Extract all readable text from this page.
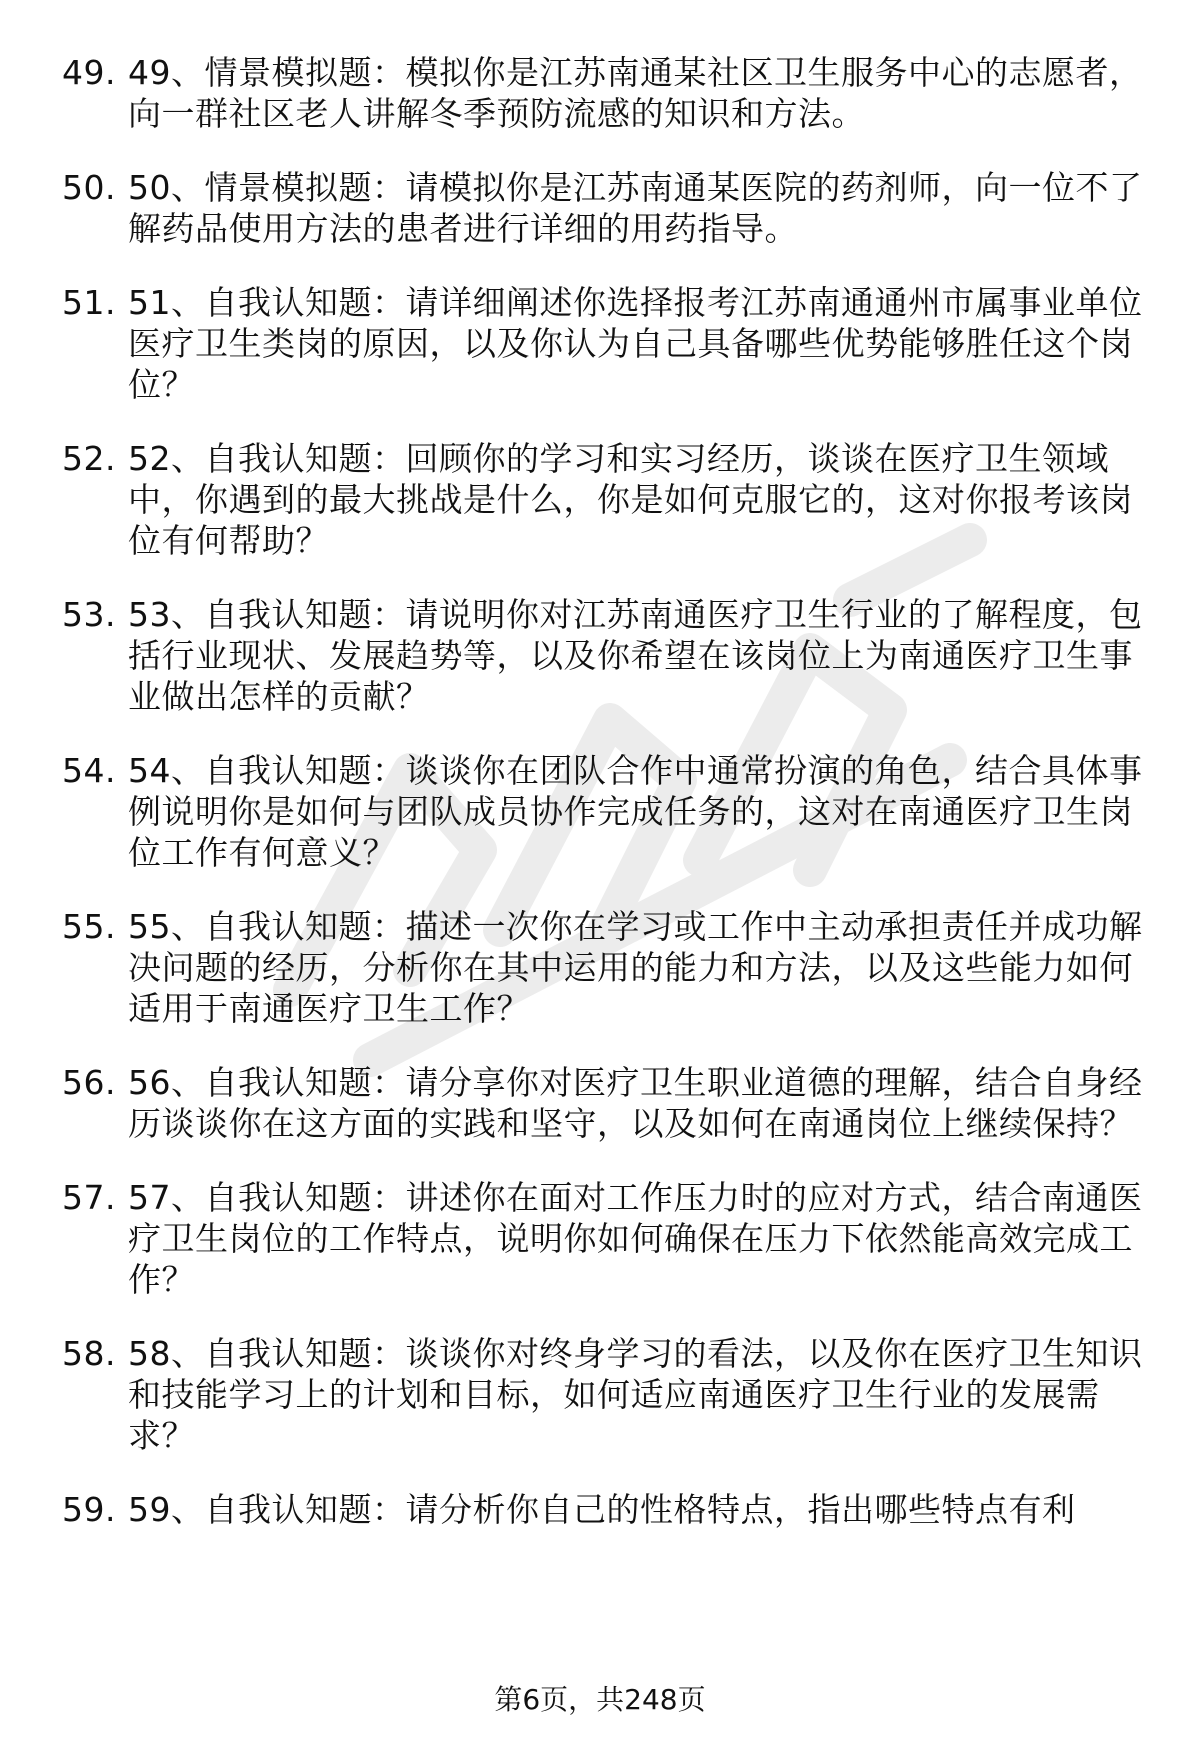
49. 49、情景模拟题：模拟你是江苏南通某社区卫生服务中心的志愿者，向一群社区老人讲解冬季预防流感的知识和方法。
50. 50、情景模拟题：请模拟你是江苏南通某医院的药剂师，向一位不了解药品使用方法的患者进行详细的用药指导。
51. 51、自我认知题：请详细阐述你选择报考江苏南通通州市属事业单位医疗卫生类岗的原因，以及你认为自己具备哪些优势能够胜任这个岗位？
52. 52、自我认知题：回顾你的学习和实习经历，谈谈在医疗卫生领域中，你遇到的最大挑战是什么，你是如何克服它的，这对你报考该岗位有何帮助？
53. 53、自我认知题：请说明你对江苏南通医疗卫生行业的了解程度，包括行业现状、发展趋势等，以及你希望在该岗位上为南通医疗卫生事业做出怎样的贡献？
54. 54、自我认知题：谈谈你在团队合作中通常扮演的角色，结合具体事例说明你是如何与团队成员协作完成任务的，这对在南通医疗卫生岗位工作有何意义？
55. 55、自我认知题：描述一次你在学习或工作中主动承担责任并成功解决问题的经历，分析你在其中运用的能力和方法，以及这些能力如何适用于南通医疗卫生工作？
56. 56、自我认知题：请分享你对医疗卫生职业道德的理解，结合自身经历谈谈你在这方面的实践和坚守，以及如何在南通岗位上继续保持？
57. 57、自我认知题：讲述你在面对工作压力时的应对方式，结合南通医疗卫生岗位的工作特点，说明你如何确保在压力下依然能高效完成工作？
58. 58、自我认知题：谈谈你对终身学习的看法，以及你在医疗卫生知识和技能学习上的计划和目标，如何适应南通医疗卫生行业的发展需求？
59. 59、自我认知题：请分析你自己的性格特点，指出哪些特点有利
第6页，共248页
